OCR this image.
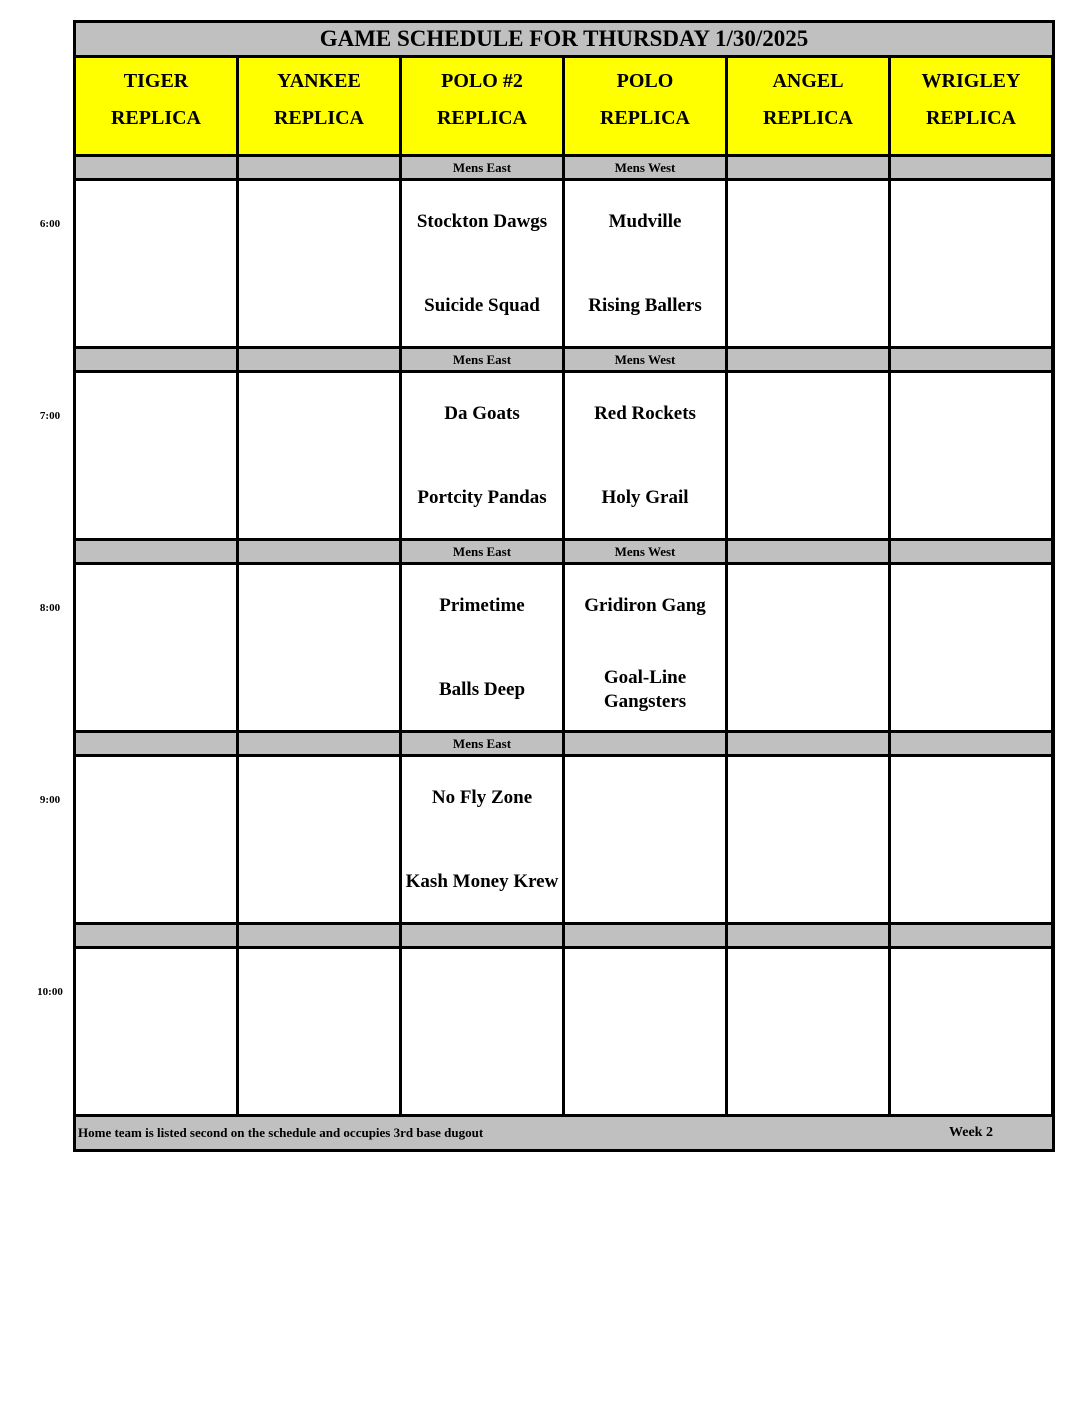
GAME SCHEDULE FOR THURSDAY 1/30/2025
TIGER
REPLICA
YANKEE
REPLICA
POLO #2
REPLICA
POLO
REPLICA
ANGEL
REPLICA
WRIGLEY
REPLICA
Mens East
Stockton Dawgs
Suicide Squad
Mens West
Mudville
Rising Ballers
Mens East
Da Goats
Portcity Pandas
Mens West
Red Rockets
Holy Grail
Mens East
Primetime
Balls Deep
Mens West
Gridiron Gang
Goal-Line Gangsters
Mens East
No Fly Zone
Kash Money Krew
Home team is listed second on the schedule and occupies 3rd base dugout	Week 2
6:00
7:00
8:00
9:00
10:00
